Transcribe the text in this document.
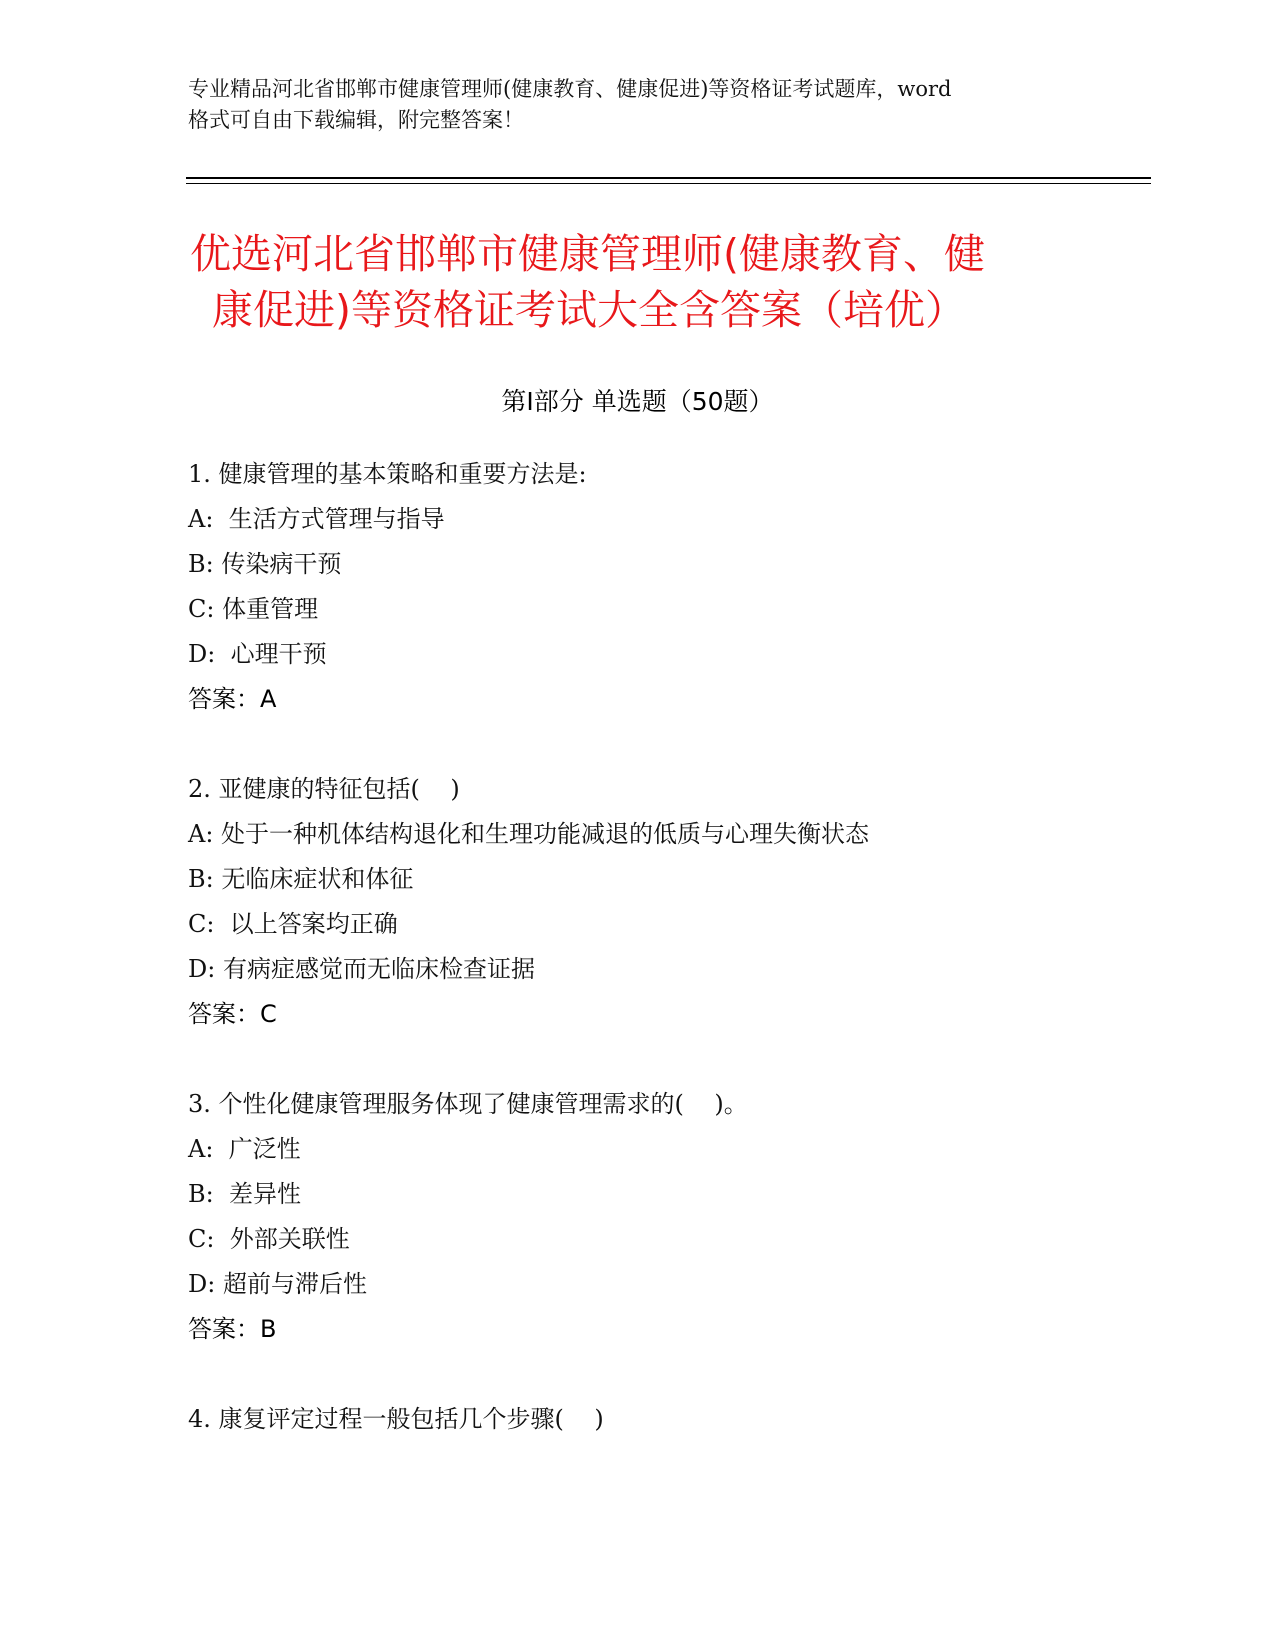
专业精品河北省邯郸市健康管理师(健康教育、健康促进)等资格证考试题库，word
格式可自由下载编辑，附完整答案！
优选河北省邯郸市健康管理师(健康教育、健
康促进)等资格证考试大全含答案（培优）
第Ⅰ部分 单选题（50题）
1. 健康管理的基本策略和重要方法是:
A:  生活方式管理与指导
B: 传染病干预
C: 体重管理
D:  心理干预
答案：A
2. 亚健康的特征包括(    )
A: 处于一种机体结构退化和生理功能减退的低质与心理失衡状态
B: 无临床症状和体征
C:  以上答案均正确
D: 有病症感觉而无临床检查证据
答案：C
3. 个性化健康管理服务体现了健康管理需求的(    )。
A:  广泛性
B:  差异性
C:  外部关联性
D: 超前与滞后性
答案：B
4. 康复评定过程一般包括几个步骤(    )
